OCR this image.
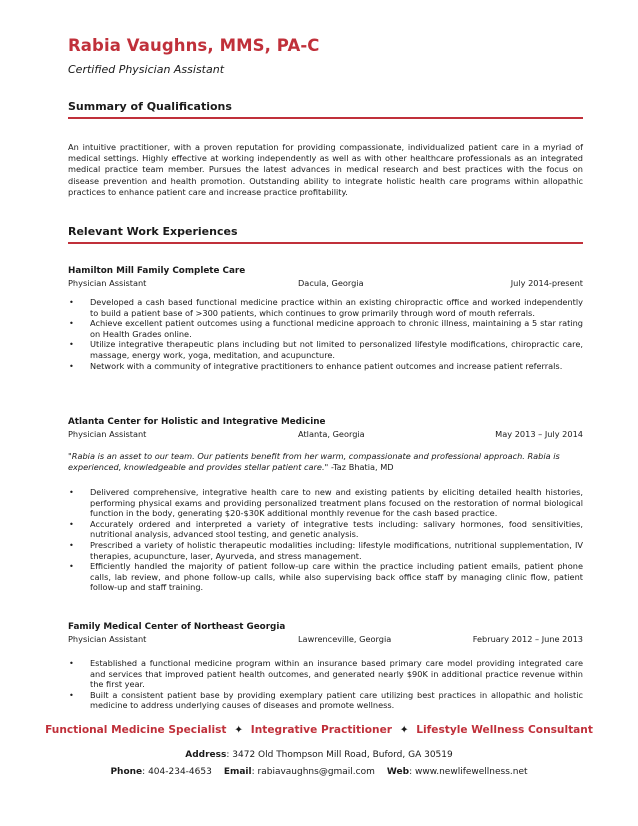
Rabia Vaughns, MMS, PA-C
Certified Physician Assistant
Summary of Qualifications
An intuitive practitioner, with a proven reputation for providing compassionate, individualized patient care in a myriad of medical settings. Highly effective at working independently as well as with other healthcare professionals as an integrated medical practice team member. Pursues the latest advances in medical research and best practices with the focus on disease prevention and health promotion. Outstanding ability to integrate holistic health care programs within allopathic practices to enhance patient care and increase practice profitability.
Relevant Work Experiences
Hamilton Mill Family Complete Care
Physician Assistant	Dacula, Georgia	July 2014-present
• Developed a cash based functional medicine practice within an existing chiropractic office and worked independently to build a patient base of >300 patients, which continues to grow primarily through word of mouth referrals.
• Achieve excellent patient outcomes using a functional medicine approach to chronic illness, maintaining a 5 star rating on Health Grades online.
• Utilize integrative therapeutic plans including but not limited to personalized lifestyle modifications, chiropractic care, massage, energy work, yoga, meditation, and acupuncture.
• Network with a community of integrative practitioners to enhance patient outcomes and increase patient referrals.
Atlanta Center for Holistic and Integrative Medicine
Physician Assistant	Atlanta, Georgia	May 2013 – July 2014
"Rabia is an asset to our team. Our patients benefit from her warm, compassionate and professional approach. Rabia is experienced, knowledgeable and provides stellar patient care." -Taz Bhatia, MD
• Delivered comprehensive, integrative health care to new and existing patients by eliciting detailed health histories, performing physical exams and providing personalized treatment plans focused on the restoration of normal biological function in the body, generating $20-$30K additional monthly revenue for the cash based practice.
• Accurately ordered and interpreted a variety of integrative tests including: salivary hormones, food sensitivities, nutritional analysis, advanced stool testing, and genetic analysis.
• Prescribed a variety of holistic therapeutic modalities including: lifestyle modifications, nutritional supplementation, IV therapies, acupuncture, laser, Ayurveda, and stress management.
• Efficiently handled the majority of patient follow-up care within the practice including patient emails, patient phone calls, lab review, and phone follow-up calls, while also supervising back office staff by managing clinic flow, patient follow-up and staff training.
Family Medical Center of Northeast Georgia
Physician Assistant	Lawrenceville, Georgia	February 2012 – June 2013
• Established a functional medicine program within an insurance based primary care model providing integrated care and services that improved patient health outcomes, and generated nearly $90K in additional practice revenue within the first year.
• Built a consistent patient base by providing exemplary patient care utilizing best practices in allopathic and holistic medicine to address underlying causes of diseases and promote wellness.
Functional Medicine Specialist ✦ Integrative Practitioner ✦ Lifestyle Wellness Consultant
Address: 3472 Old Thompson Mill Road, Buford, GA 30519
Phone: 404-234-4653 Email: rabiavaughns@gmail.com Web: www.newlifewellness.net
